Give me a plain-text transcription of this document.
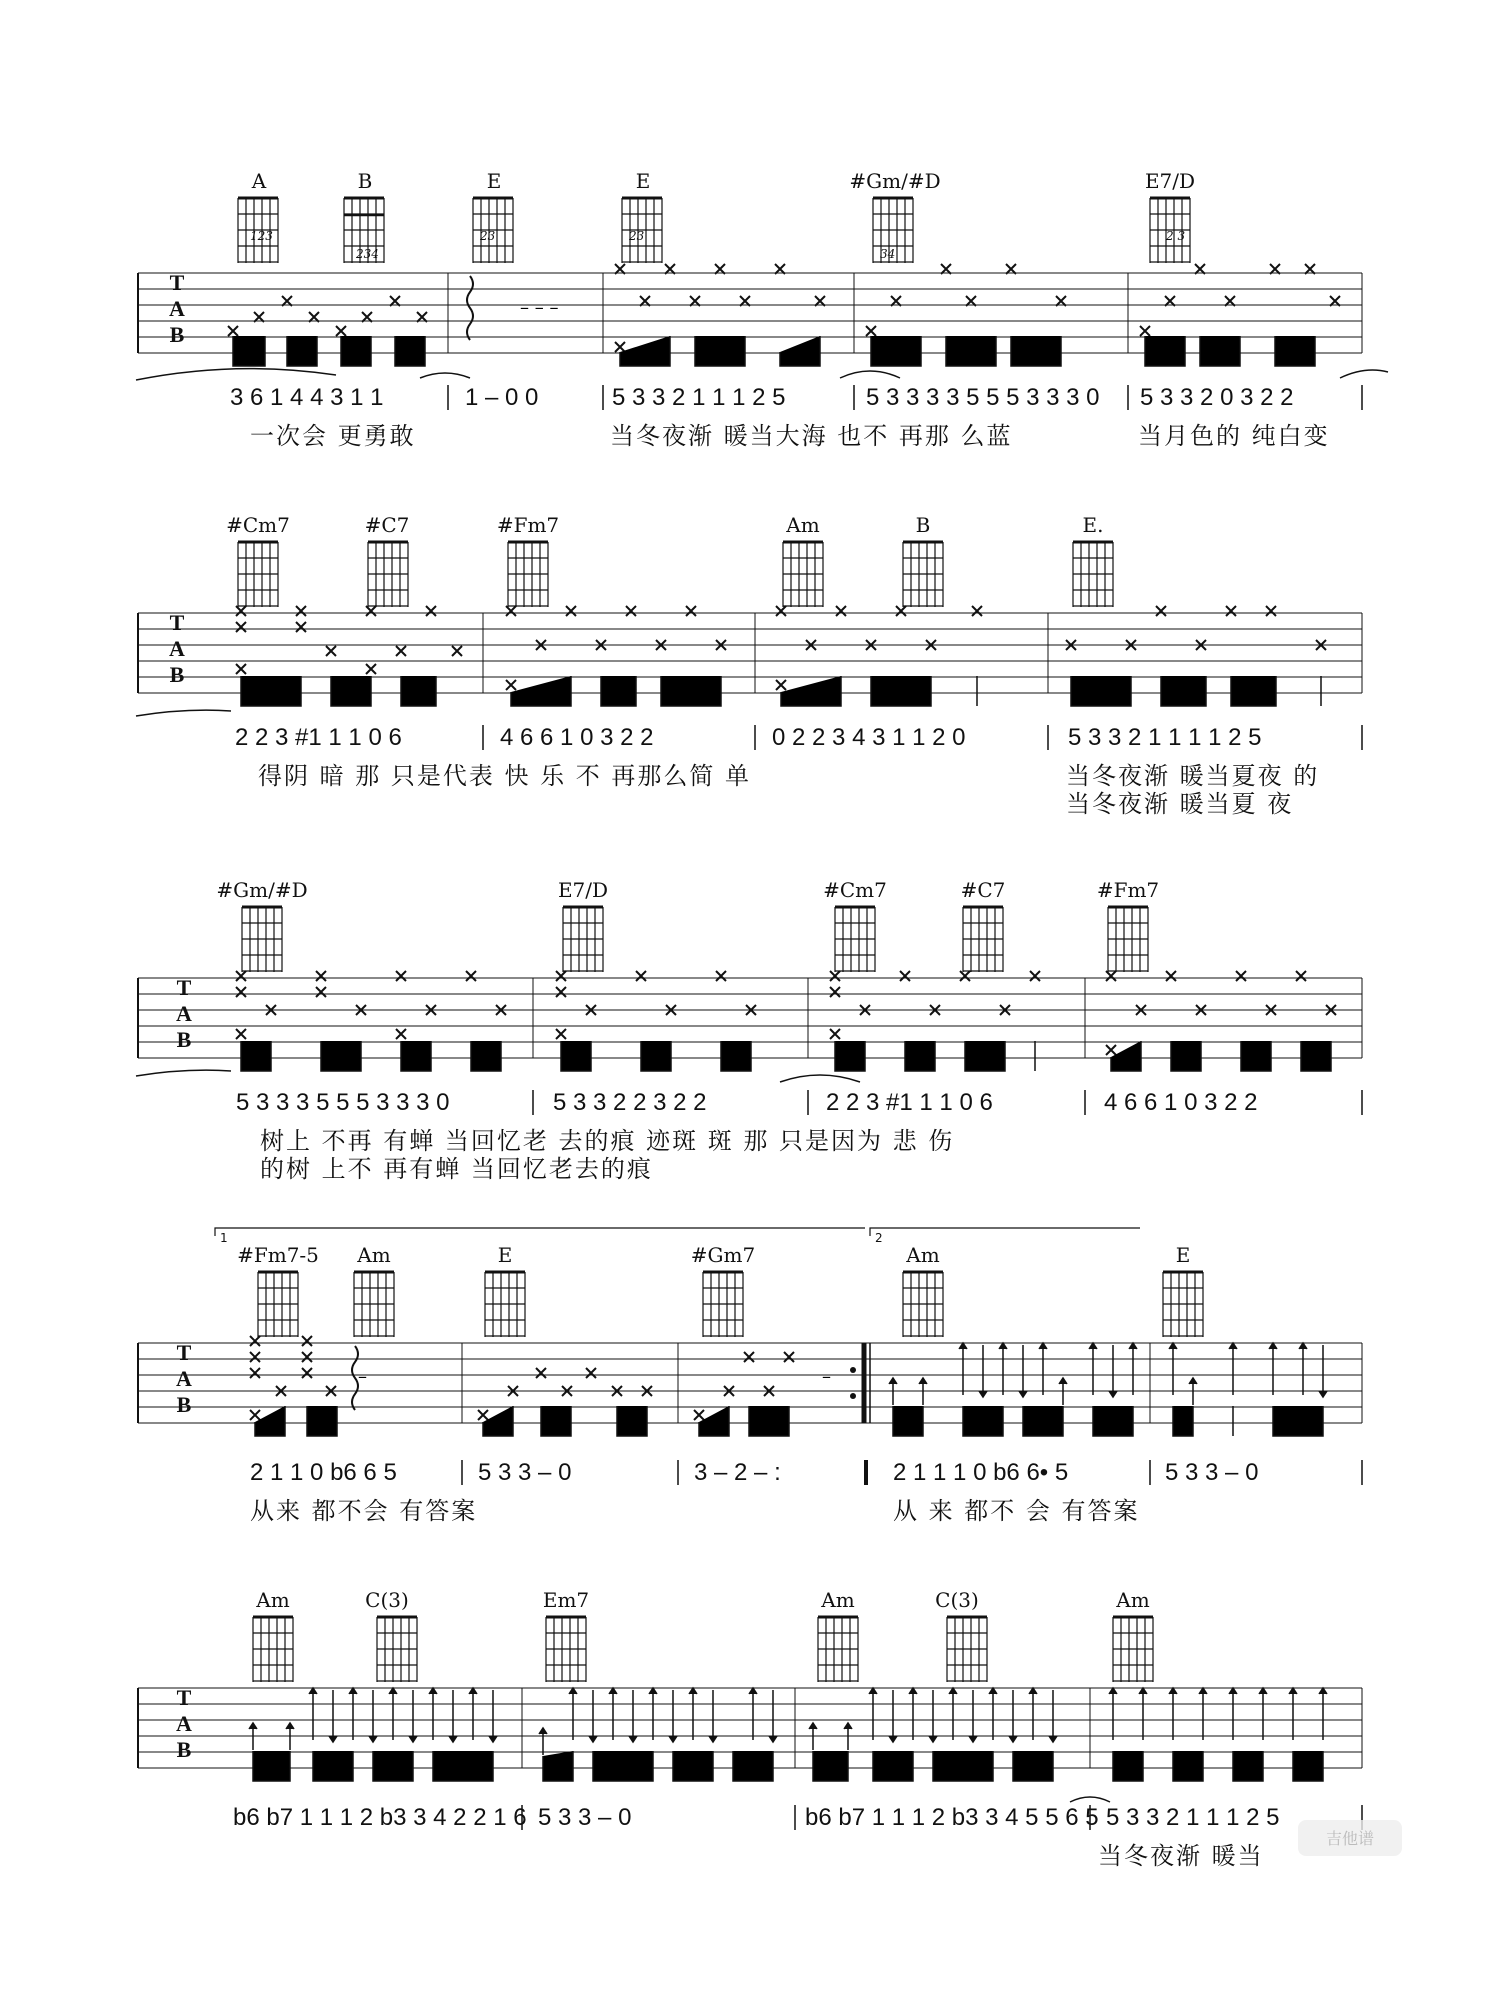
A
123
B
234
E
23
E
23
#Gm/#D
34
E7/D
2 3
T
A
B
– – –
3 6 1 4 4 3 1 1	1 – 0 0	5 3 3 2 1 1 1 2 5	5 3 3 3 3 5 5 5 3 3 3 0 5 3 3 2 0 3 2 2
一次会 更勇敢	当冬夜渐 暖当大海 也不 再那 么蓝	当月色的 纯白变
#Cm7	#C7	#Fm7	Am	B	E.
T
A
B
2 2 3 #1 1 1 0 6	4 6 6 1 0 3 2 2	0 2 2 3 4 3 1 1 2 0	5 3 3 2 1 1 1 1 2 5
得阴 暗 那 只是代表 快 乐 不 再那么简 单	当冬夜渐 暖当夏夜 的
当冬夜渐 暖当夏 夜
#Gm/#D	E7/D	#Cm7	#C7	#Fm7
T
A
B
5 3 3 3 5 5 5 3 3 3 0	5 3 3 2 2 3 2 2	2 2 3 #1 1 1 0 6	4 6 6 1 0 3 2 2
树上 不再 有蝉 当回忆老 去的痕 迹斑 斑 那 只是因为 悲 伤
的树 上不 再有蝉 当回忆老去的痕
1	2
#Fm7-5 Am	E	#Gm7	Am	E
T
A
B
–	–
2 1 1 0 b6 6 5	5 3 3 – 0	3 – 2 – :	2 1 1 1 0 b6 6• 5	5 3 3 – 0
从来 都不会 有答案	从 来 都不 会 有答案
Am	C(3)	Em7	Am	C(3)	Am
T
A
B
b6 b7 1 1 1 2 b3 3 4 2 2 1 6 5 3 3 – 0	b6 b7 1 1 1 2 b3 3 4 5 5 6 5 5 3 3 2 1 1 1 2 5
当冬夜渐 暖当
吉他谱
